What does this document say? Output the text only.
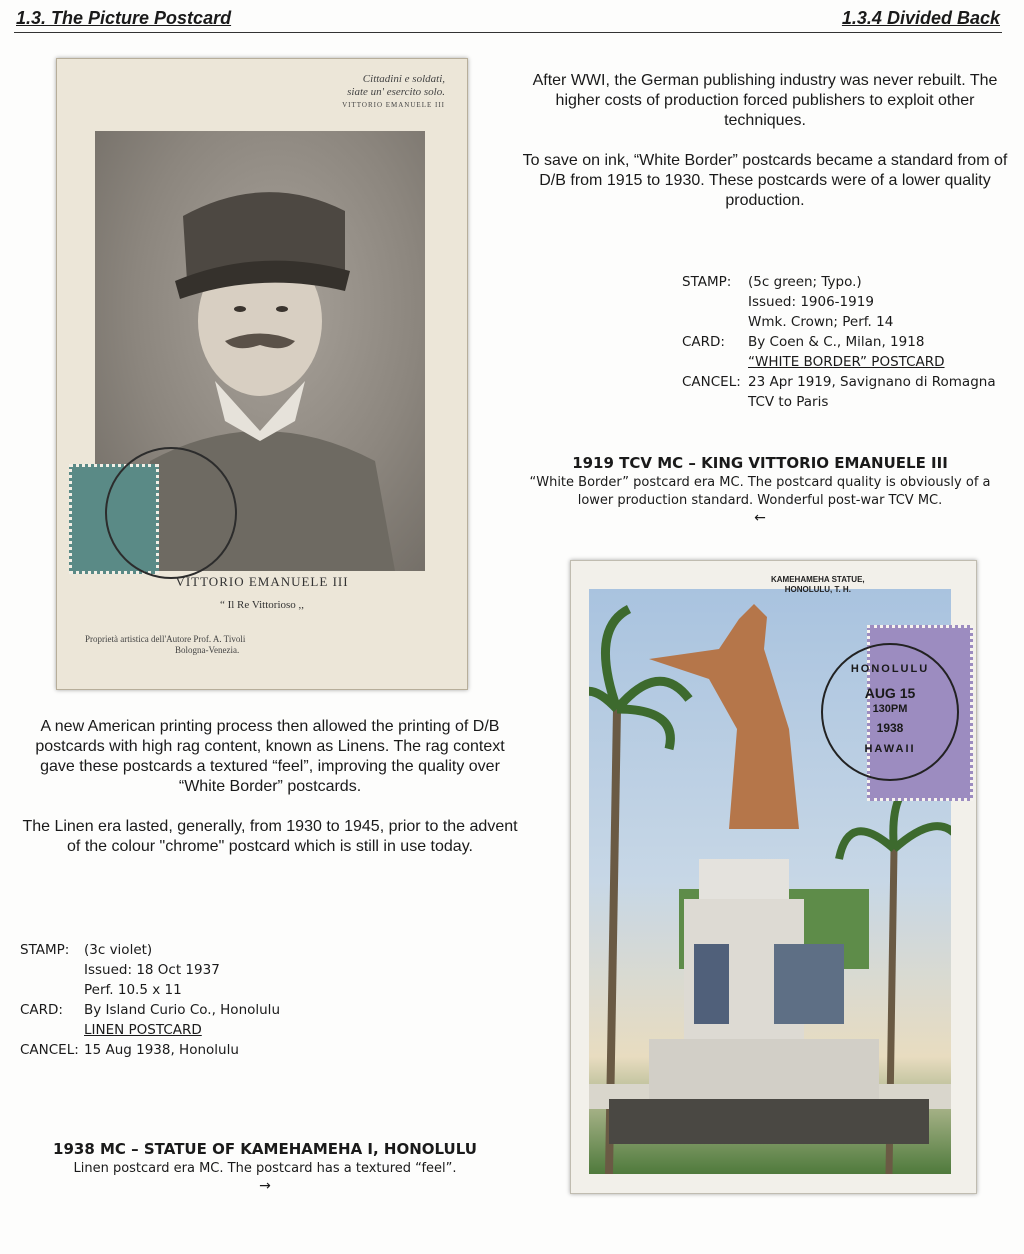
1.3. The Picture Postcard	1.3.4 Divided Back

After WWI, the German publishing industry was never rebuilt. The higher costs of production forced publishers to exploit other techniques.

To save on ink, “White Border” postcards became a standard from of D/B from 1915 to 1930. These postcards were of a lower quality production.

Cittadini e soldati,
siate un' esercito solo.
VITTORIO EMANUELE III
VITTORIO EMANUELE III
“ Il Re Vittorioso ,,
Proprietà artistica dell'Autore Prof. A. Tivoli
Bologna-Venezia.
STAMP:	(5c green; Typo.)
Issued: 1906-1919
Wmk. Crown; Perf. 14
CARD:	By Coen & C., Milan, 1918
“WHITE BORDER” POSTCARD
CANCEL: 23 Apr 1919, Savignano di Romagna
TCV to Paris
1919 TCV MC – KING VITTORIO EMANUELE III
“White Border” postcard era MC. The postcard quality is obviously of a
lower production standard. Wonderful post-war TCV MC.
←

A new American printing process then allowed the printing of D/B postcards with high rag content, known as Linens. The rag context gave these postcards a textured “feel”, improving the quality over “White Border” postcards.

The Linen era lasted, generally, from 1930 to 1945, prior to the advent of the colour "chrome" postcard which is still in use today.

STAMP:	(3c violet)
Issued: 18 Oct 1937
Perf. 10.5 x 11
CARD:	By Island Curio Co., Honolulu
LINEN POSTCARD
CANCEL: 15 Aug 1938, Honolulu
1938 MC – STATUE OF KAMEHAMEHA I, HONOLULU
Linen postcard era MC. The postcard has a textured “feel”.
→
KAMEHAMEHA STATUE,
HONOLULU, T. H.
HONOLULU
AUG 15
130PM
1938
HAWAII
